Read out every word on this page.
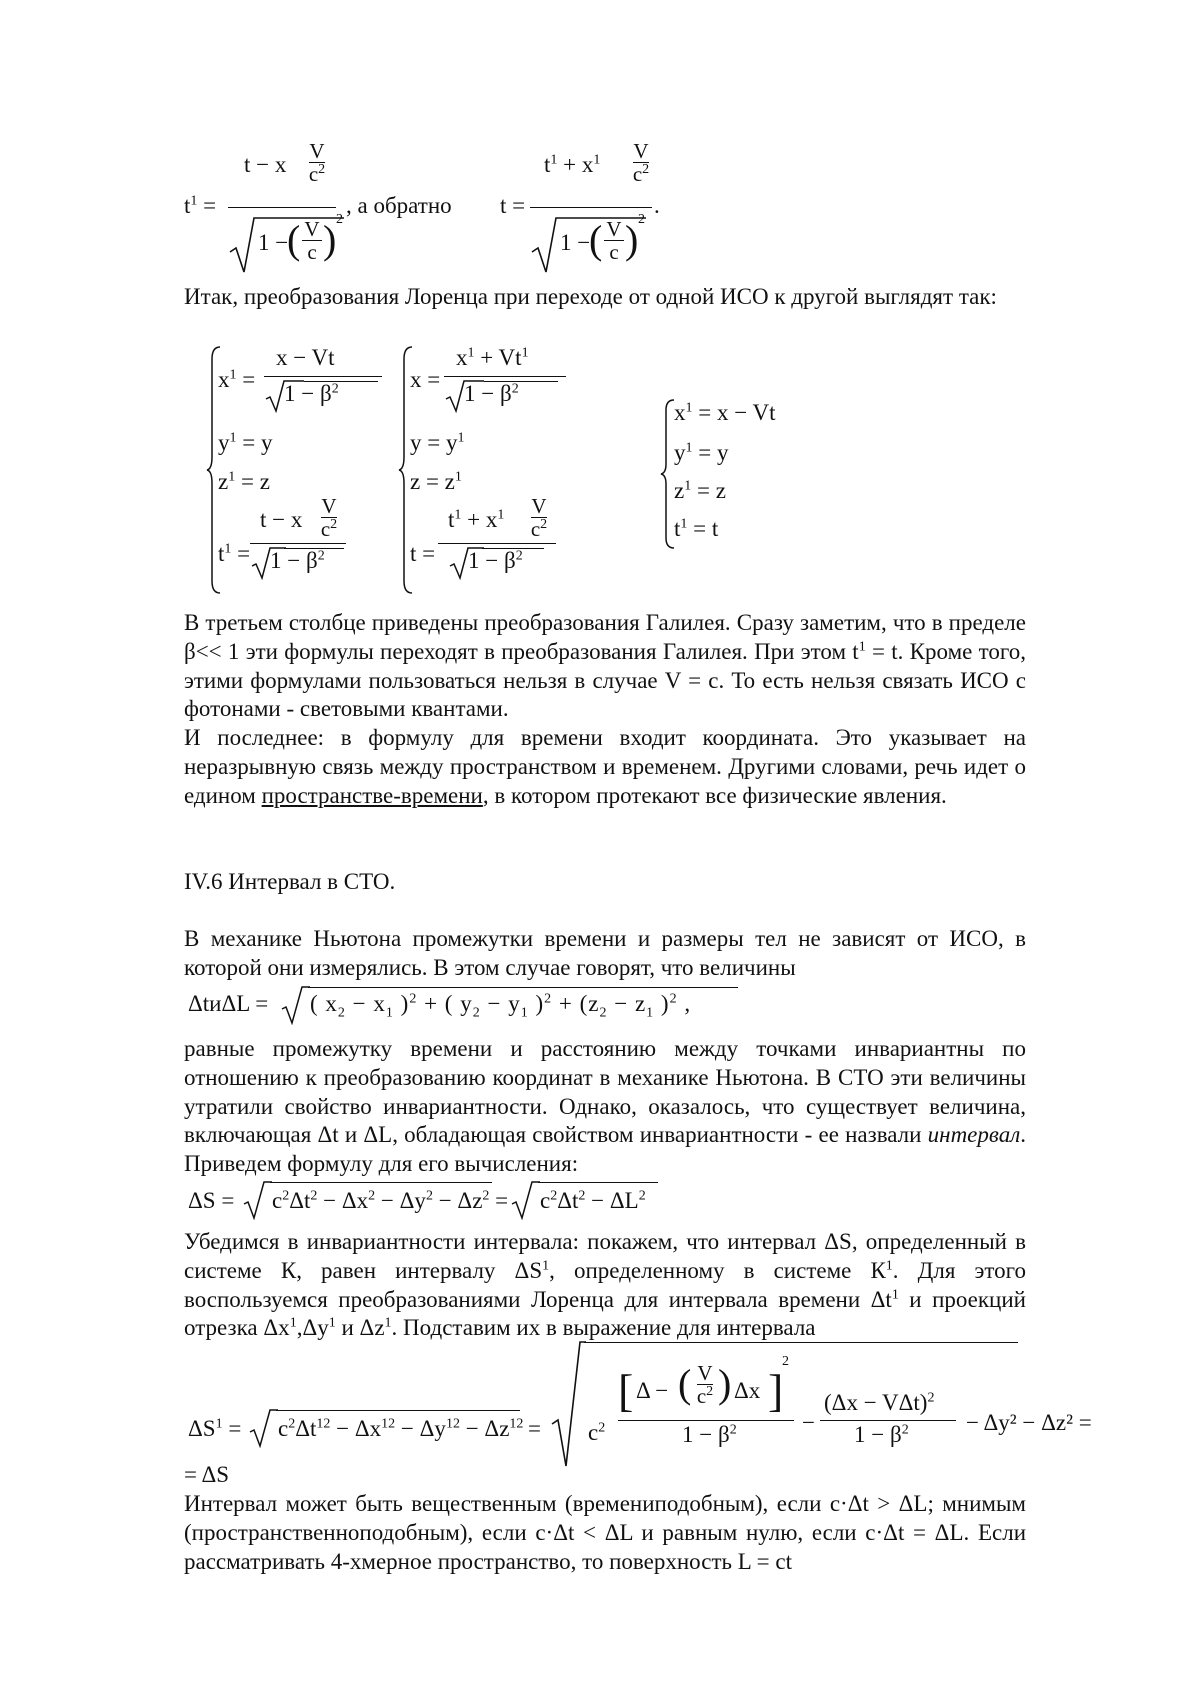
$t^1$ =
t − x
V
$c^2$
1 −
( V
c ) 2
, а обратно t =
$t^1 + x^1$ V
$c^2$
1 −
( V
c ) 2
.

Итак, преобразования Лоренца при переходе от одной ИСО к другой выглядят так:

$x^1$ =
x − Vt
$1 - \beta^2$
$y^1 = y$
$z^1 = z$
$t^1$ =
t − x
V
$c^2$
$1 - \beta^2$
x =
$x^1 + Vt^1$
$1 - \beta^2$
$y = y^1$
$z = z^1$
t =
$t^1 + x^1$ V
$c^2$
$1 - \beta^2$
$x^1 = x - Vt$
$y^1 = y$
$z^1 = z$
$t^1 = t$

В третьем столбце приведены преобразования Галилея. Сразу заметим, что в пределе β<< 1 эти формулы переходят в преобразования Галилея. При этом $t^1 = t$. Кроме того, этими формулами пользоваться нельзя в случае V = c. То есть нельзя связать ИСО с фотонами - световыми квантами.

И последнее: в формулу для времени входит координата. Это указывает на неразрывную связь между пространством и временем. Другими словами, речь идет о едином пространстве-времени, в котором протекают все физические явления.

IV.6 Интервал в СТО.

В механике Ньютона промежутки времени и размеры тел не зависят от ИСО, в которой они измерялись. В этом случае говорят, что величины

ΔtиΔL = ( $x_2 - x_1$ )$^2$ + ( $y_2 - y_1$ )$^2 + (z_2 - z_1$ )$^2$ ,

равные промежутку времени и расстоянию между точками инвариантны по отношению к преобразованию координат в механике Ньютона. В СТО эти величины утратили свойство инвариантности. Однако, оказалось, что существует величина, включающая Δt и ΔL, обладающая свойством инвариантности - ее назвали интервал. Приведем формулу для его вычисления:

$\Delta S = c^2\Delta t^2 - \Delta x^2 - \Delta y^2 - \Delta z^2 = c^2\Delta t^2 - \Delta L^2$

Убедимся в инвариантности интервала: покажем, что интервал ΔS, определенный в системе К, равен интервалу $\Delta S^1$, определенному в системе $К^1$. Для этого воспользуемся преобразованиями Лоренца для интервала времени $\Delta t^1$ и проекций отрезка $\Delta x^1,\Delta y^1$ и $\Delta z^1$. Подставим их в выражение для интервала

$\Delta S^1 = c^2\Delta t^{12} - \Delta x^{12} - \Delta y^{12} - \Delta z^{12} = c^2$
[ Δ − ( V
$c^2$ ) Δx ]
2
$1 - \beta^2$	−
$(\Delta x - V\Delta t)^2$
$1 - \beta^2 - \Delta y^2 - \Delta z^2$ =
= ΔS

Интервал может быть вещественным (времениподобным), если c·Δt > ΔL; мнимым (пространственноподобным), если c·Δt < ΔL и равным нулю, если c·Δt = ΔL. Если рассматривать 4-хмерное пространство, то поверхность L = ct
